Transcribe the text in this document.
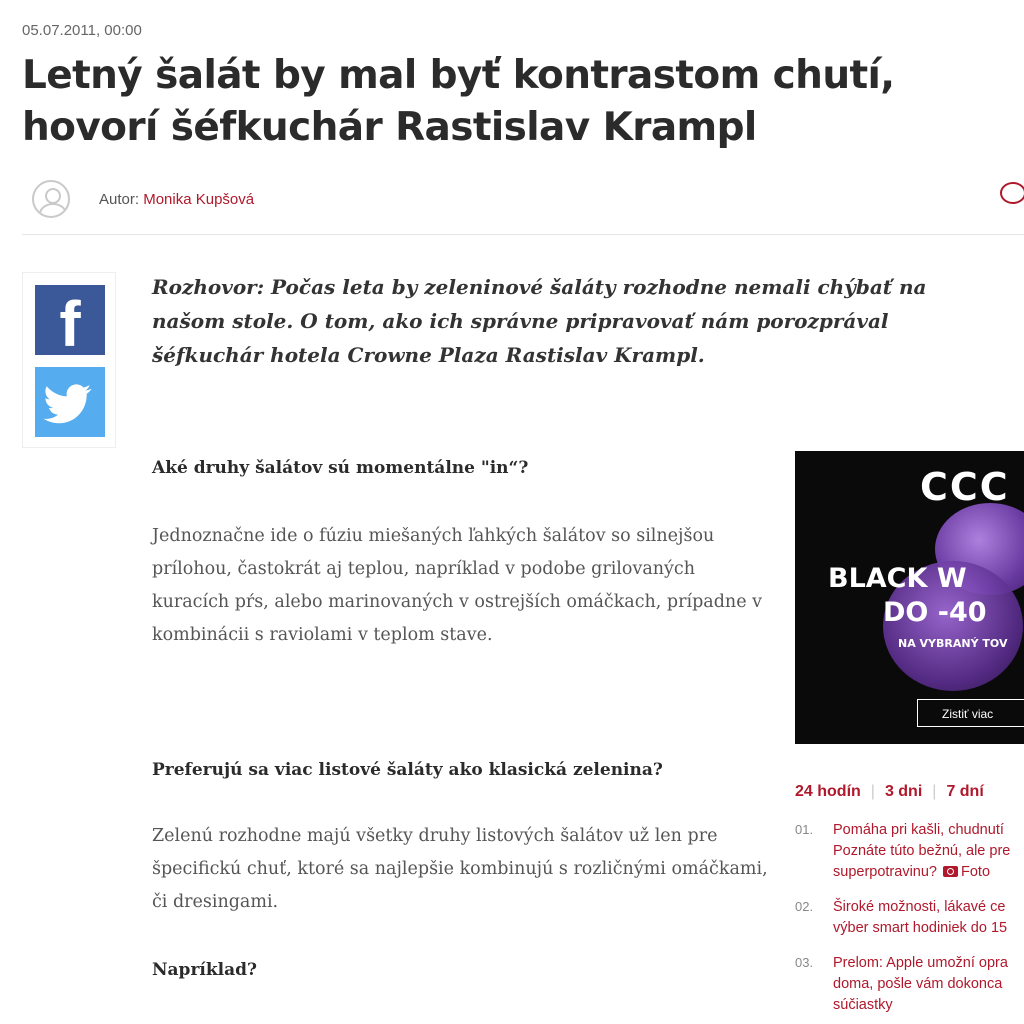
05.07.2011, 00:00
Letný šalát by mal byť kontrastom chutí, hovorí šéfkuchár Rastislav Krampl
Autor: Monika Kupšová
f

Rozhovor: Počas leta by zeleninové šaláty rozhodne nemali chýbať na našom stole. O tom, ako ich správne pripravovať nám porozprával šéfkuchár hotela Crowne Plaza Rastislav Krampl.

Aké druhy šalátov sú momentálne "in“?

Jednoznačne ide o fúziu miešaných ľahkých šalátov so silnejšou prílohou, častokrát aj teplou, napríklad v podobe grilovaných kuracích pŕs, alebo marinovaných v ostrejších omáčkach, prípadne v kombinácii s raviolami v teplom stave.

Preferujú sa viac listové šaláty ako klasická zelenina?

Zelenú rozhodne majú všetky druhy listových šalátov už len pre špecifickú chuť, ktoré sa najlepšie kombinujú s rozličnými omáčkami, či dresingami.

Napríklad?

CCC
BLACK W
DO -40
NA VYBRANÝ TOV
Zistiť viac
24 hodín | 3 dni | 7 dní
01. Pomáha pri kašli, chudnutí
Poznáte túto bežnú, ale pre
superpotravinu? Foto
02. Široké možnosti, lákavé ce
výber smart hodiniek do 15
03. Prelom: Apple umožní opra
doma, pošle vám dokonca
súčiastky
